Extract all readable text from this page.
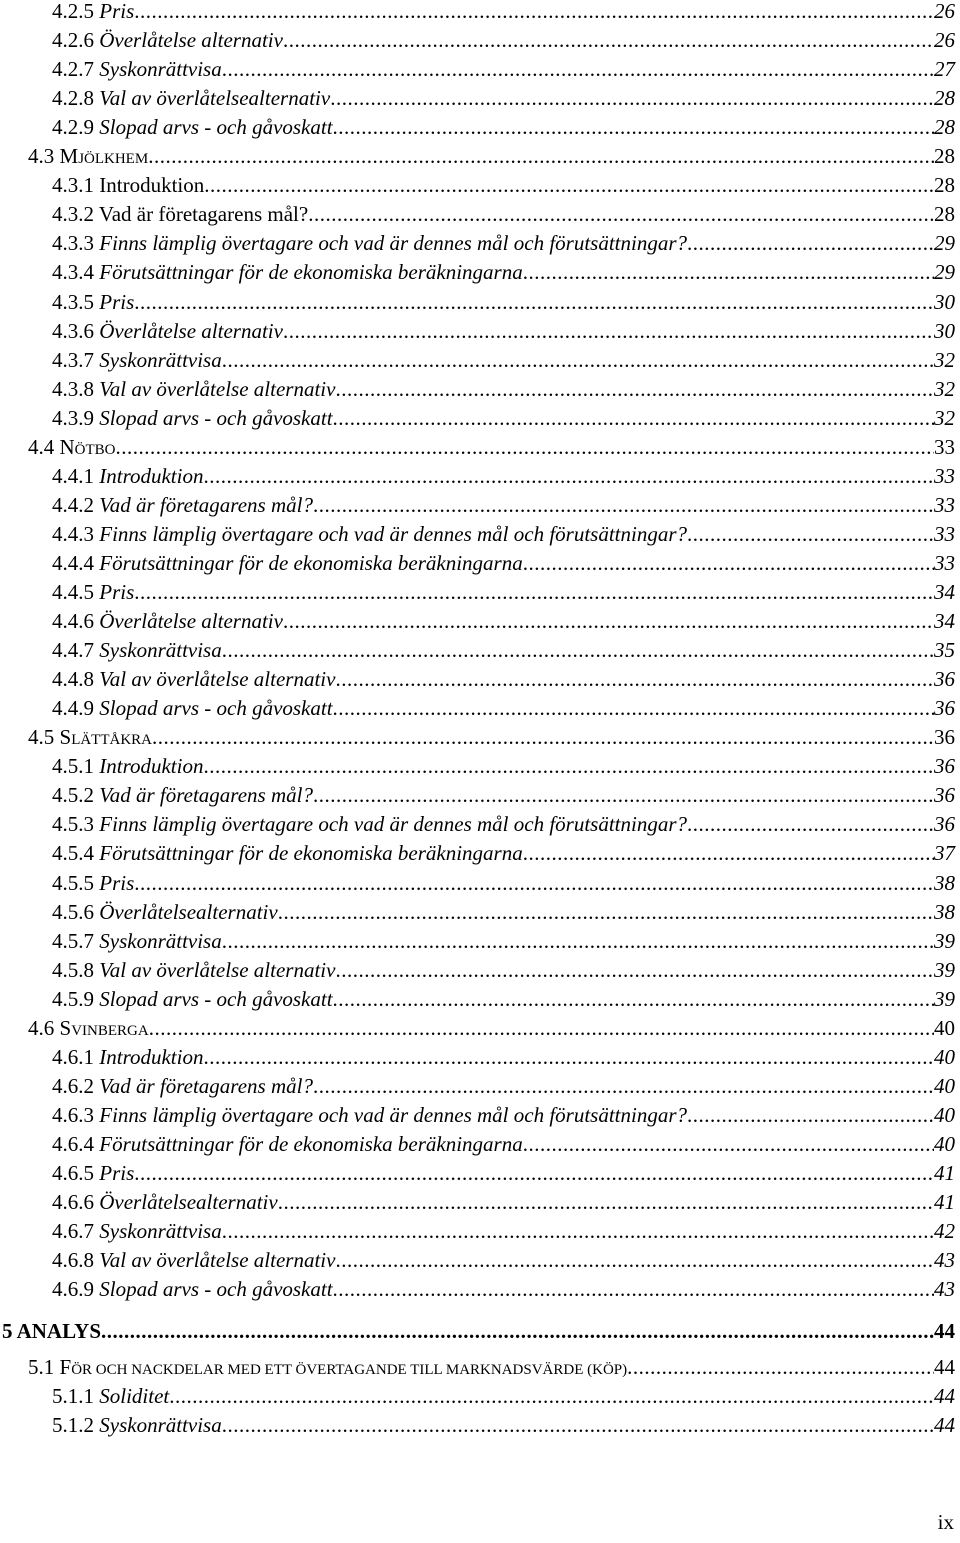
4.2.5 Pris .....	26
4.2.6 Överlåtelse alternativ .....	26
4.2.7 Syskonrättvisa .....	27
4.2.8 Val av överlåtelsealternativ .....	28
4.2.9 Slopad arvs - och gåvoskatt .....	28
4.3 MJÖLKHEM .....	28
4.3.1 Introduktion .....	28
4.3.2 Vad är företagarens mål? .....	28
4.3.3 Finns lämplig övertagare och vad är dennes mål och förutsättningar? .....	29
4.3.4 Förutsättningar för de ekonomiska beräkningarna .....	29
4.3.5 Pris .....	30
4.3.6 Överlåtelse alternativ .....	30
4.3.7 Syskonrättvisa .....	32
4.3.8 Val av överlåtelse alternativ .....	32
4.3.9 Slopad arvs - och gåvoskatt .....	32
4.4 NÖTBO .....	33
4.4.1 Introduktion .....	33
4.4.2 Vad är företagarens mål? .....	33
4.4.3 Finns lämplig övertagare och vad är dennes mål och förutsättningar? .....	33
4.4.4 Förutsättningar för de ekonomiska beräkningarna .....	33
4.4.5 Pris .....	34
4.4.6 Överlåtelse alternativ .....	34
4.4.7 Syskonrättvisa .....	35
4.4.8 Val av överlåtelse alternativ .....	36
4.4.9 Slopad arvs - och gåvoskatt .....	36
4.5 SLÄTTÅKRA .....	36
4.5.1 Introduktion .....	36
4.5.2 Vad är företagarens mål? .....	36
4.5.3 Finns lämplig övertagare och vad är dennes mål och förutsättningar? .....	36
4.5.4 Förutsättningar för de ekonomiska beräkningarna .....	37
4.5.5 Pris .....	38
4.5.6 Överlåtelsealternativ .....	38
4.5.7 Syskonrättvisa .....	39
4.5.8 Val av överlåtelse alternativ .....	39
4.5.9 Slopad arvs - och gåvoskatt .....	39
4.6 SVINBERGA .....	40
4.6.1 Introduktion .....	40
4.6.2 Vad är företagarens mål? .....	40
4.6.3 Finns lämplig övertagare och vad är dennes mål och förutsättningar? .....	40
4.6.4 Förutsättningar för de ekonomiska beräkningarna .....	40
4.6.5 Pris .....	41
4.6.6 Överlåtelsealternativ .....	41
4.6.7 Syskonrättvisa .....	42
4.6.8 Val av överlåtelse alternativ .....	43
4.6.9 Slopad arvs - och gåvoskatt .....	43
5 ANALYS .....	44
5.1 FÖR OCH NACKDELAR MED ETT ÖVERTAGANDE TILL MARKNADSVÄRDE (KÖP) .....	44
5.1.1 Soliditet .....	44
5.1.2 Syskonrättvisa .....	44
ix
